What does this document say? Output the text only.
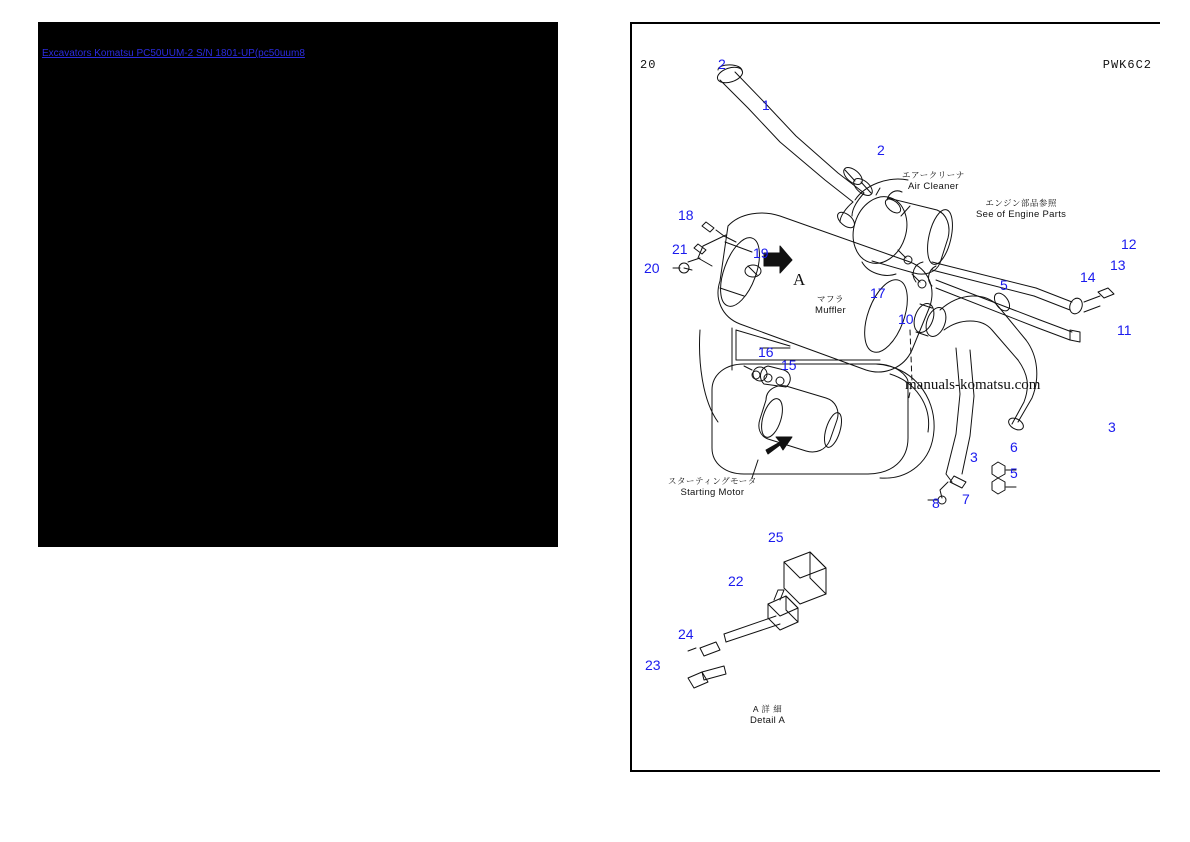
Excavators Komatsu PC50UUM-2 S/N 1801-UP(pc50uum8
20	PWK6C2
manuals-komatsu.com
A
エアークリーナ
Air Cleaner
エンジン部品参照
See of Engine Parts
マフラ
Muffler
スターティングモータ
Starting Motor
A 詳 細
Detail A
2
1
2
18
21
20
19
17
10
5
12
13
14
11
3
6
5
3
7
8
16
15
25
22
24
23
